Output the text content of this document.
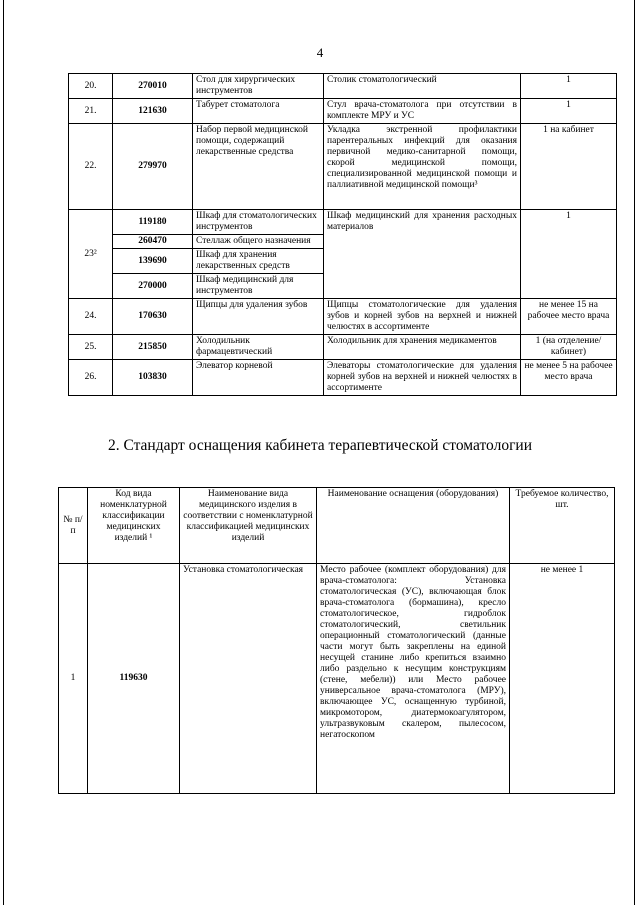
4
20.	270010	Стол для хирургических инструментов	Столик стоматологический	1
21.	121630	Табурет стоматолога	Стул врача-стоматолога при отсутствии в комплекте МРУ и УС	1
22.	279970	Набор первой медицинской помощи, содержащий лекарственные средства	Укладка экстренной профилактики парентеральных инфекций для оказания первичной медико-санитарной помощи, скорой медицинской помощи, специализированной медицинской помощи и паллиативной медицинской помощи³	1 на кабинет
23²	119180	Шкаф для стоматологических инструментов	Шкаф медицинский для хранения расходных материалов	1
	260470	Стеллаж общего назначения		
	139690	Шкаф для хранения лекарственных средств		
	270000	Шкаф медицинский для инструментов		
24.	170630	Щипцы для удаления зубов	Щипцы стоматологические для удаления зубов и корней зубов на верхней и нижней челюстях в ассортименте	не менее 15 на рабочее место врача
25.	215850	Холодильник фармацевтический	Холодильник для хранения медикаментов	1 (на отделение/ кабинет)
26.	103830	Элеватор корневой	Элеваторы стоматологические для удаления корней зубов на верхней и нижней челюстях в ассортименте	не менее 5 на рабочее место врача
2. Стандарт оснащения кабинета терапевтической стоматологии
№ п/п	Код вида номенклатурной классификации медицинских изделий ¹	Наименование вида медицинского изделия в соответствии с номенклатурной классификацией медицинских изделий	Наименование оснащения (оборудования)	Требуемое количество, шт.
1	119630	Установка стоматологическая	Место рабочее (комплект оборудования) для врача-стоматолога: Установка стоматологическая (УС), включающая блок врача-стоматолога (бормашина), кресло стоматологическое, гидроблок стоматологический, светильник операционный стоматологический (данные части могут быть закреплены на единой несущей станине либо крепиться взаимно либо раздельно к несущим конструкциям (стене, мебели)) или Место рабочее универсальное врача-стоматолога (МРУ), включающее УС, оснащенную турбиной, микромотором, диатермокоагулятором, ультразвуковым скалером, пылесосом, негатоскопом	не менее 1
